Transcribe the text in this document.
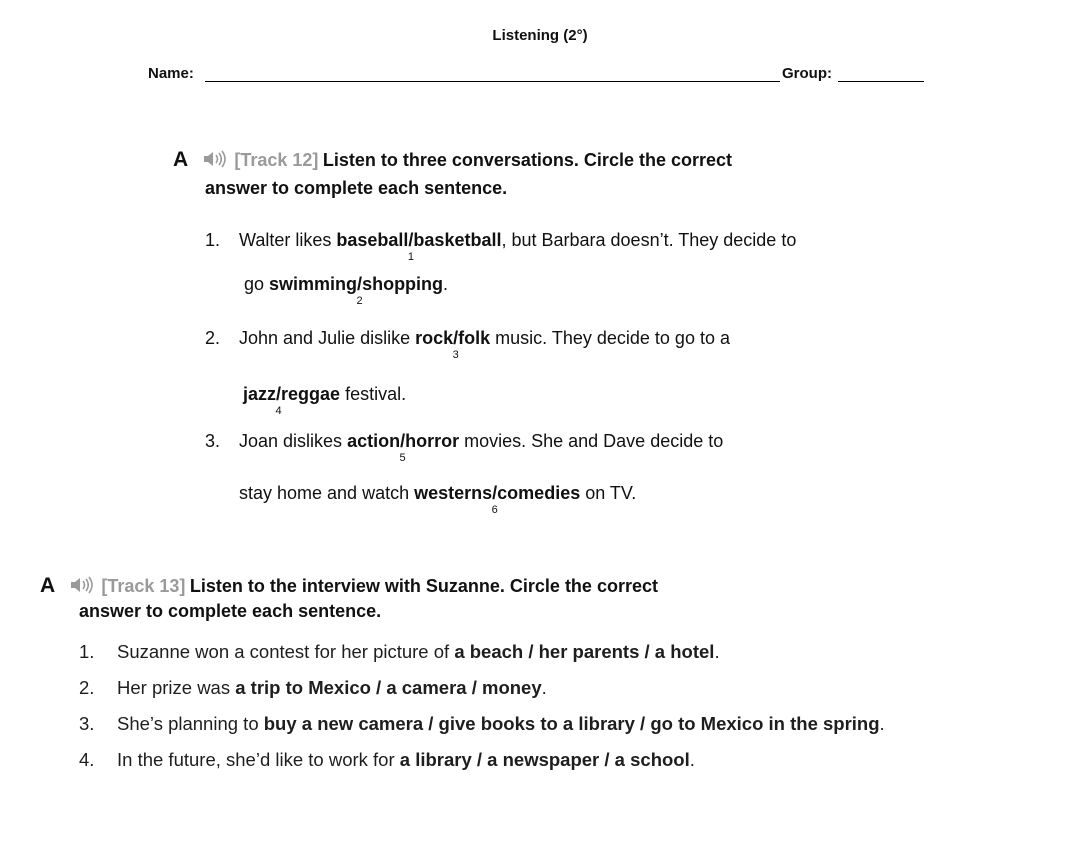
Listening (2°)
Name:	Group:
A	[Track 12] Listen to three conversations. Circle the correct
answer to complete each sentence.
1. Walter likes baseball/
1
basketball, but Barbara doesn’t. They decide to
go swimming/
2
shopping.
2. John and Julie dislike rock/
3
folk music. They decide to go to a
jazz/
4
reggae festival.
3. Joan dislikes action/
5
horror movies. She and Dave decide to
stay home and watch westerns/
6
comedies on TV.
A	[Track 13] Listen to the interview with Suzanne. Circle the correct
answer to complete each sentence.
1. Suzanne won a contest for her picture of a beach / her parents / a hotel.
2. Her prize was a trip to Mexico / a camera / money.
3. She’s planning to buy a new camera / give books to a library / go to Mexico in the spring.
4. In the future, she’d like to work for a library / a newspaper / a school.
